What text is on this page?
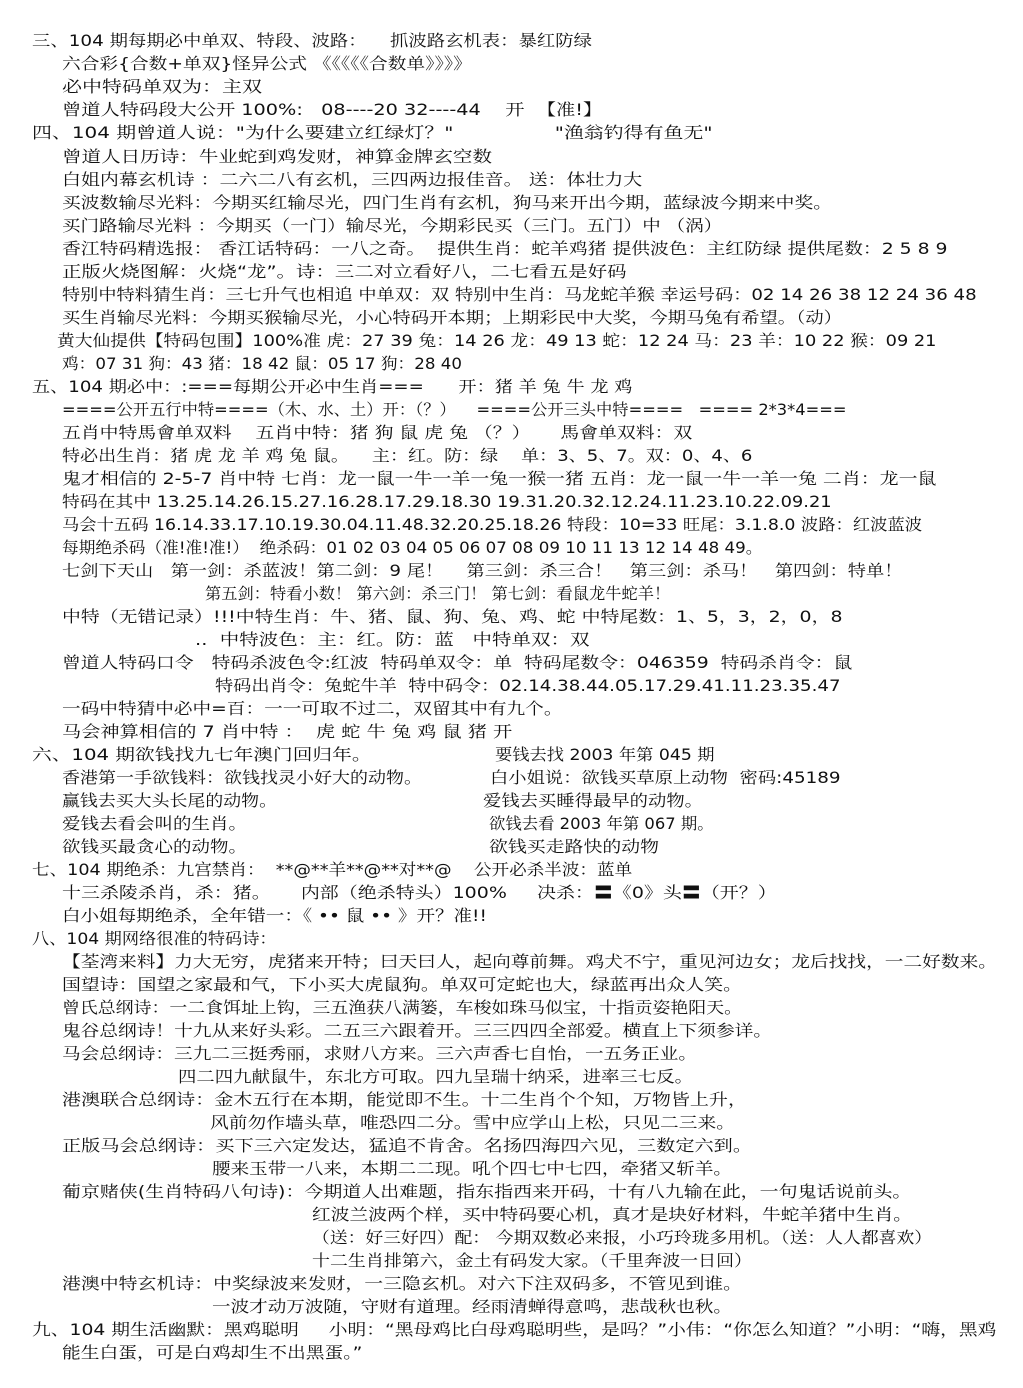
三、104 期每期必中单双、特段、波路：    抓波路玄机表：暴红防绿
六合彩{合数+单双}怪异公式 《《《《《合数单》》》》
必中特码单双为：主双
曾道人特码段大公开 100%:   08----20 32----44    开  【准!】
四、104 期曾道人说："为什么要建立红绿灯？"                "渔翁钓得有鱼无"
曾道人日历诗：牛业蛇到鸡发财，神算金牌玄空数
白姐内幕玄机诗 ：二六二八有玄机，三四两边报佳音。 送：体壮力大
买波数输尽光料：今期买红输尽光，四门生肖有玄机，狗马来开出今期，蓝绿波今期来中奖。
买门路输尽光料 ：今期买（一门）输尽光，今期彩民买（三门。五门）中 （涡）
香江特码精选报： 香江话特码：一八之奇。  提供生肖：蛇羊鸡猪 提供波色：主红防绿 提供尾数：2 5 8 9
正版火烧图解：火烧“龙”。诗：三二对立看好八，二七看五是好码
特别中特料猜生肖：三七升气也相追 中单双：双 特别中生肖：马龙蛇羊猴 幸运号码：02 14 26 38 12 24 36 48
买生肖输尽光料：今期买猴输尽光，小心特码开本期；上期彩民中大奖，今期马兔有希望。（动）
黄大仙提供【特码包围】100%准 虎：27 39 兔：14 26 龙：49 13 蛇：12 24 马：23 羊：10 22 猴：09 21
鸡：07 31 狗：43 猪：18 42 鼠：05 17 狗：28 40
五、104 期必中：:===每期公开必中生肖===      开：猪 羊 兔 牛 龙 鸡
====公开五行中特====（木、水、土）开：（？）    ====公开三头中特====   ==== 2*3*4===
五肖中特馬會单双料    五肖中特：猪 狗 鼠 虎 兔 （？）     馬會单双料：双
特必出生肖：猪 虎 龙 羊 鸡 兔 鼠。    主：红。防：绿    单：3、5、7。双：0、4、6
鬼才相信的 2-5-7 肖中特 七肖：龙一鼠一牛一羊一兔一猴一猪 五肖：龙一鼠一牛一羊一兔 二肖：龙一鼠
特码在其中 13.25.14.26.15.27.16.28.17.29.18.30 19.31.20.32.12.24.11.23.10.22.09.21
马会十五码 16.14.33.17.10.19.30.04.11.48.32.20.25.18.26 特段：10=33 旺尾：3.1.8.0 波路：红波蓝波
每期绝杀码（准!准!准!）  绝杀码：01 02 03 04 05 06 07 08 09 10 11 13 12 14 48 49。
七剑下天山   第一剑：杀蓝波！第二剑：9 尾！    第三剑：杀三合！   第三剑：杀马！   第四剑：特单！
第五剑：特看小数！ 第六剑：杀三门！ 第七剑：看鼠龙牛蛇羊！
中特（无错记录）!!!中特生肖：牛、猪、鼠、狗、兔、鸡、蛇 中特尾数：1、5，3，2，0，8
..  中特波色：主：红。防：蓝   中特单双：双
曾道人特码口令   特码杀波色令:红波  特码单双令：单  特码尾数令：046359  特码杀肖令：鼠
特码出肖令：兔蛇牛羊  特中码令：02.14.38.44.05.17.29.41.11.23.35.47
一码中特猜中必中=百：一一可取不过二，双留其中有九个。
马会神算相信的 7 肖中特 ：  虎 蛇 牛 兔 鸡 鼠 猪 开
六、104 期欲钱找九七年澳门回归年。	要钱去找 2003 年第 045 期
香港第一手欲钱料：欲钱找灵小好大的动物。	白小姐说：欲钱买草原上动物  密码:45189
赢钱去买大头长尾的动物。	爱钱去买睡得最早的动物。
爱钱去看会叫的生肖。	欲钱去看 2003 年第 067 期。
欲钱买最贪心的动物。	欲钱买走路快的动物
七、104 期绝杀：九宫禁肖：  **@**羊**@**对**@    公开必杀半波：蓝单
十三杀陵杀肖，杀：猪。     内部（绝杀特头）100%     决杀：〓《0》头〓（开？）
白小姐每期绝杀，全年错一：《 •• 鼠 •• 》开？准!!
八、104 期网络很准的特码诗：
【荃湾来料】力大无穷，虎猪来开特；曰天曰人，起向尊前舞。鸡犬不宁，重见河边女；龙后找找，一二好数来。
国望诗：国望之家最和气，下小买大虎鼠狗。单双可定蛇也大，绿蓝再出众人笑。
曾氏总纲诗：一二食饵址上钩，三五渔获八满篓，车梭如珠马似宝，十指贡姿艳阳天。
鬼谷总纲诗！十九从来好头彩。二五三六跟着开。三三四四全部爱。横直上下须参详。
马会总纲诗：三九二三挺秀丽，求财八方来。三六声香七自怡，一五务正业。
四二四九献鼠牛，东北方可取。四九呈瑞十纳采，进率三七反。
港澳联合总纲诗：金木五行在本期，能觉即不生。十二生肖个个知，万物皆上升，
风前勿作墙头草，唯恐四二分。雪中应学山上松，只见二三来。
正版马会总纲诗：买下三六定发达，猛追不肯舍。名扬四海四六见，三数定六到。
腰来玉带一八来，本期二二现。吼个四七中七四，牵猪又斩羊。
葡京赌侠(生肖特码八句诗)：今期道人出难题，指东指西来开码，十有八九输在此，一句鬼话说前头。
红波兰波两个样，买中特码要心机，真才是块好材料，牛蛇羊猪中生肖。
（送：好三好四）配： 今期双数必来报，小巧玲珑多用机。（送：人人都喜欢）
十二生肖排第六，金土有码发大家。（千里奔波一日回）
港澳中特玄机诗：中奖绿波来发财，一三隐玄机。对六下注双码多，不管见到谁。
一波才动万波随，守财有道理。经雨清蝉得意鸣，悲哉秋也秋。
九、104 期生活幽默：黑鸡聪明     小明：“黑母鸡比白母鸡聪明些，是吗？”小伟：“你怎么知道？”小明：“嗨，黑鸡
能生白蛋，可是白鸡却生不出黑蛋。”
